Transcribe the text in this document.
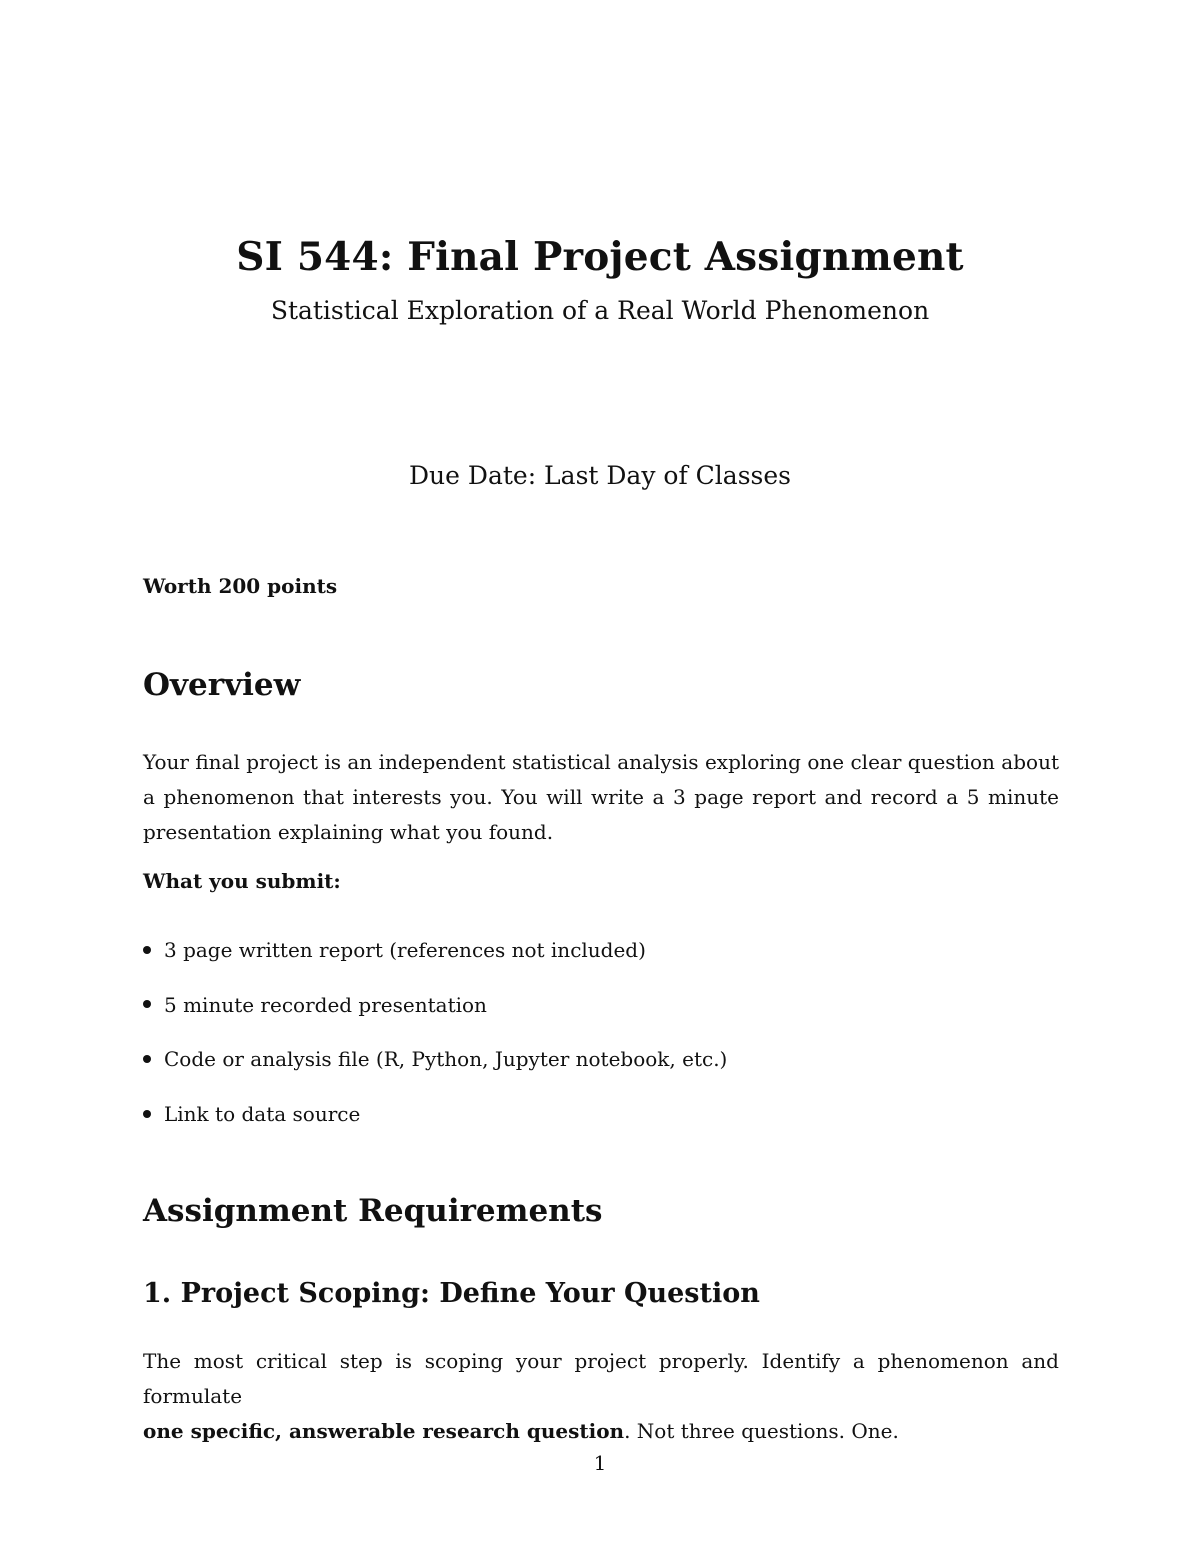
SI 544: Final Project Assignment
Statistical Exploration of a Real World Phenomenon
Due Date: Last Day of Classes
Worth 200 points
Overview
Your final project is an independent statistical analysis exploring one clear question about
a phenomenon that interests you. You will write a 3 page report and record a 5 minute
presentation explaining what you found.
What you submit:
3 page written report (references not included)
5 minute recorded presentation
Code or analysis file (R, Python, Jupyter notebook, etc.)
Link to data source
Assignment Requirements
1. Project Scoping: Define Your Question
The most critical step is scoping your project properly. Identify a phenomenon and formulate
one specific, answerable research question. Not three questions. One.
1
